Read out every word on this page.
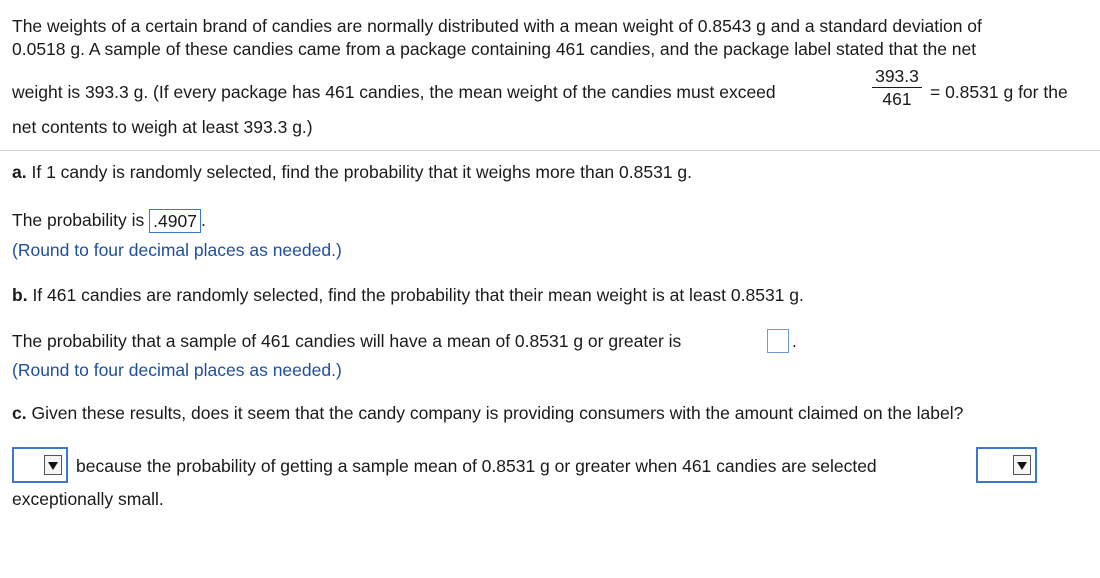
The weights of a certain brand of candies are normally distributed with a mean weight of 0.8543 g and a standard deviation of
0.0518 g. A sample of these candies came from a package containing 461 candies, and the package label stated that the net
weight is 393.3 g. (If every package has 461 candies, the mean weight of the candies must exceed
393.3
461	= 0.8531 g for the
net contents to weigh at least 393.3 g.)
a. If 1 candy is randomly selected, find the probability that it weighs more than 0.8531 g.
The probability is .4907 .
(Round to four decimal places as needed.)
b. If 461 candies are randomly selected, find the probability that their mean weight is at least 0.8531 g.
The probability that a sample of 461 candies will have a mean of 0.8531 g or greater is	.
(Round to four decimal places as needed.)
c. Given these results, does it seem that the candy company is providing consumers with the amount claimed on the label?
because the probability of getting a sample mean of 0.8531 g or greater when 461 candies are selected
exceptionally small.
